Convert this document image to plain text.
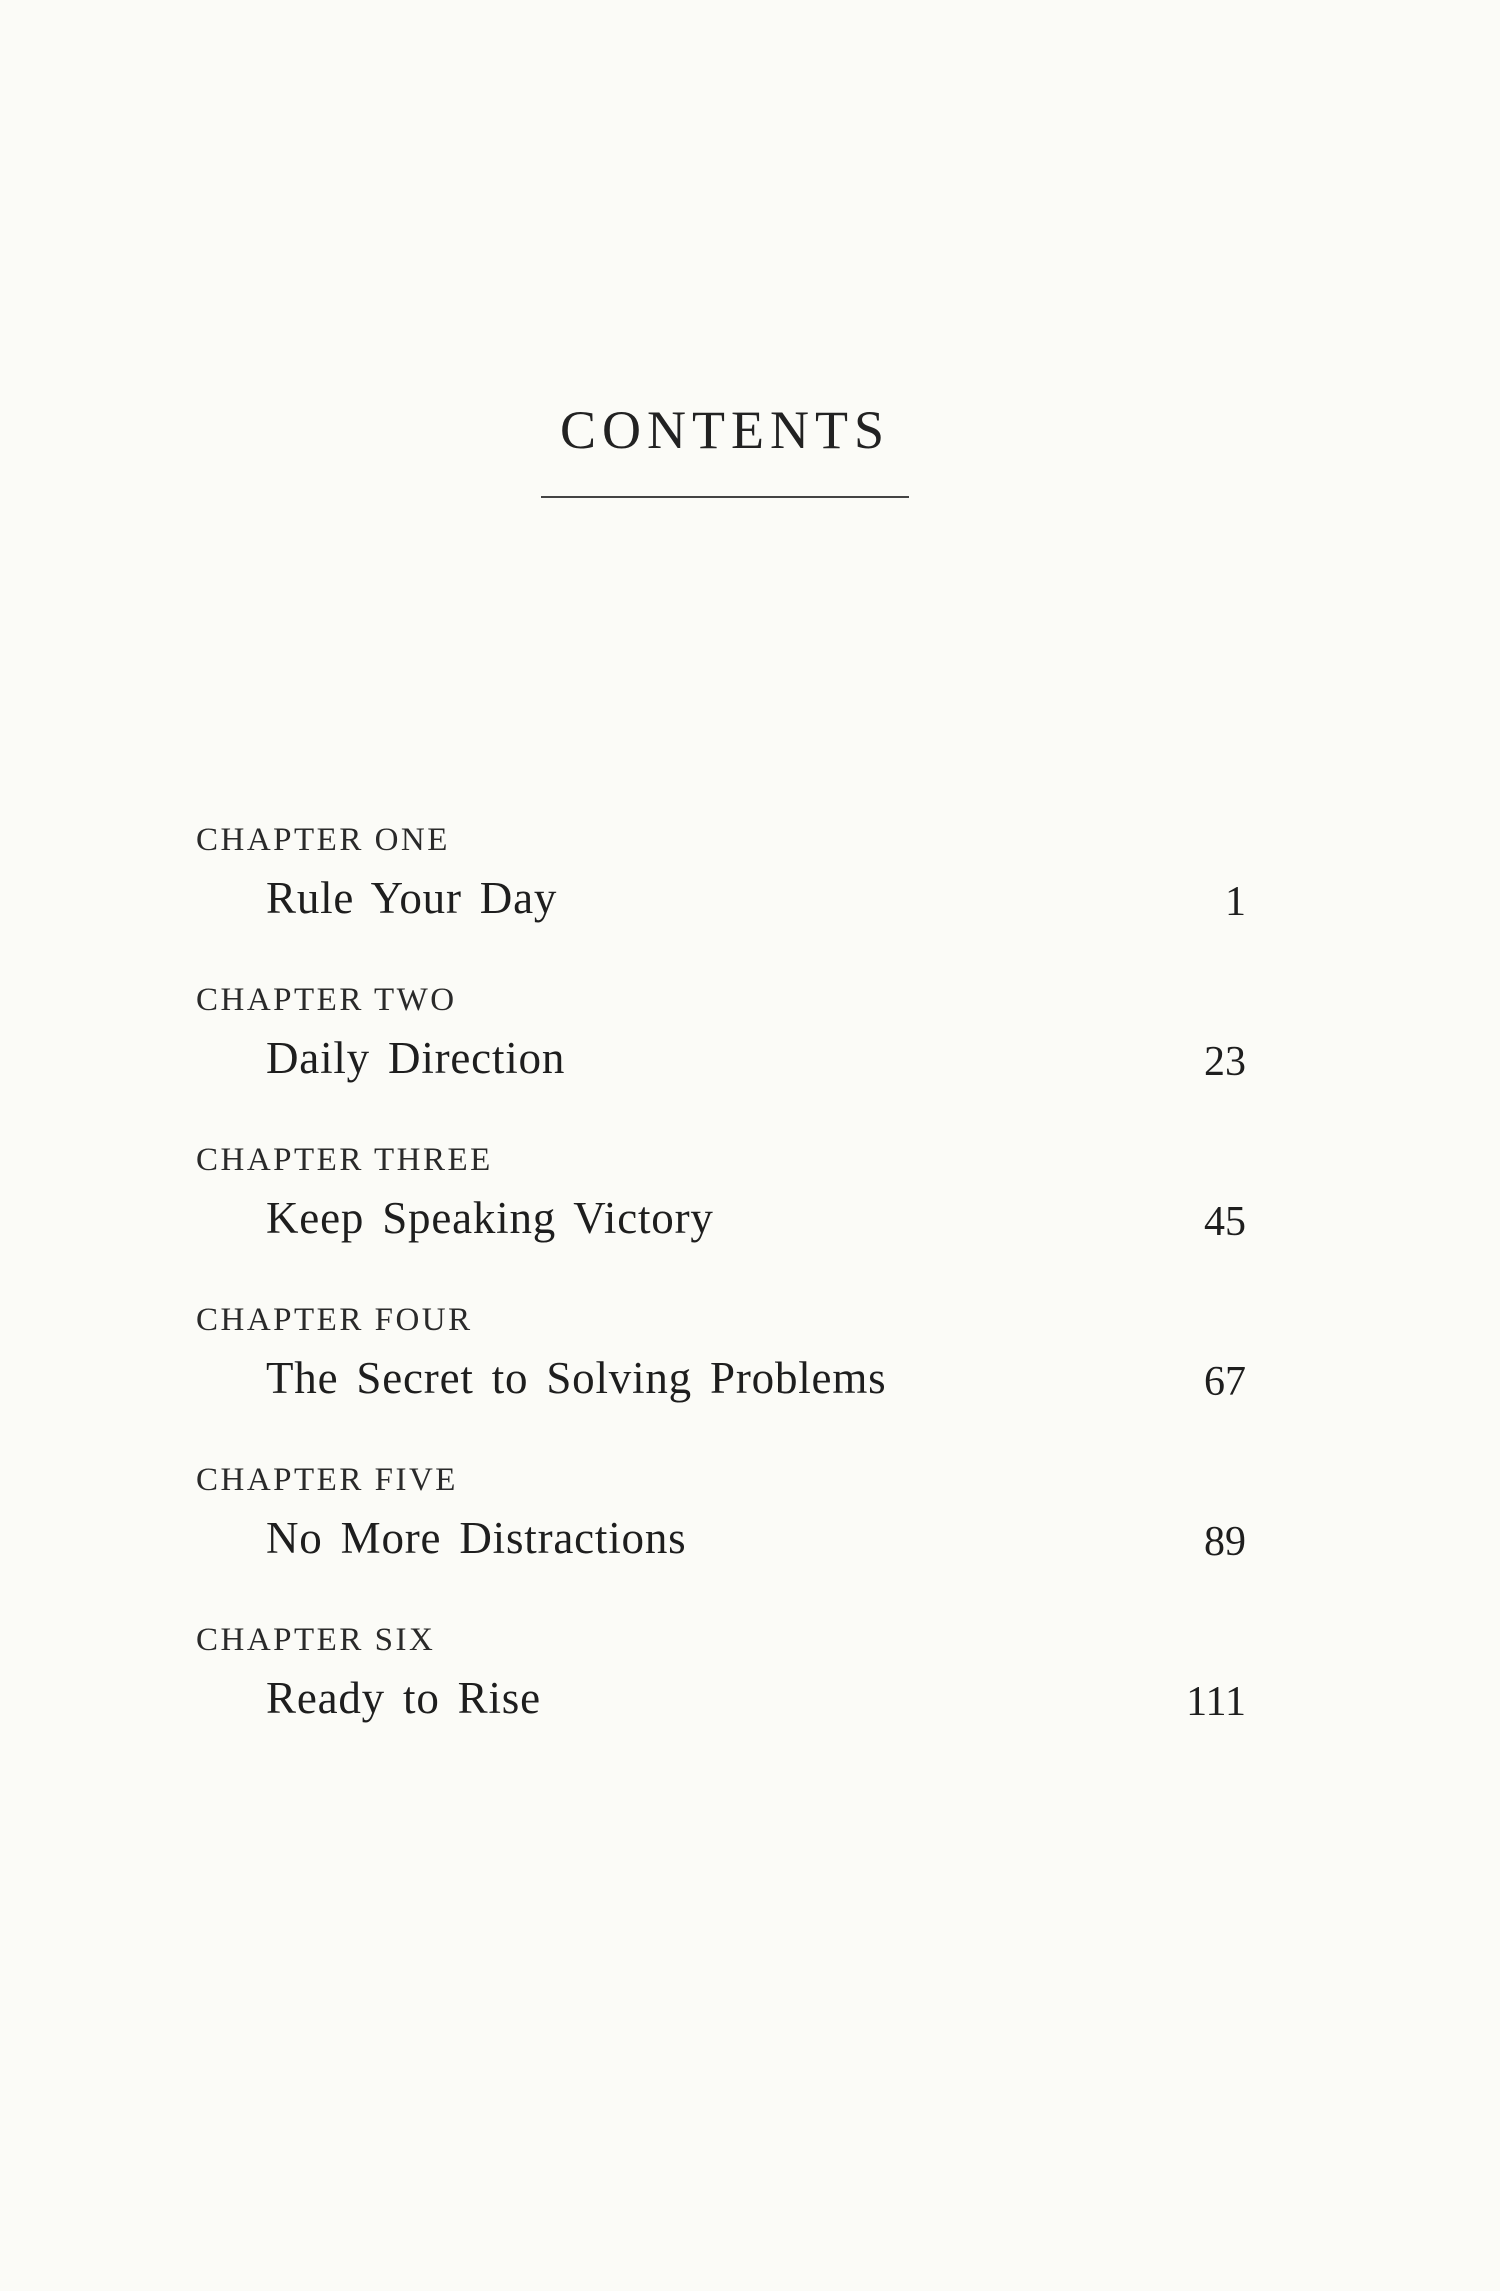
CONTENTS
CHAPTER ONE
Rule Your Day	1
CHAPTER TWO
Daily Direction	23
CHAPTER THREE
Keep Speaking Victory	45
CHAPTER FOUR
The Secret to Solving Problems	67
CHAPTER FIVE
No More Distractions	89
CHAPTER SIX
Ready to Rise	111
